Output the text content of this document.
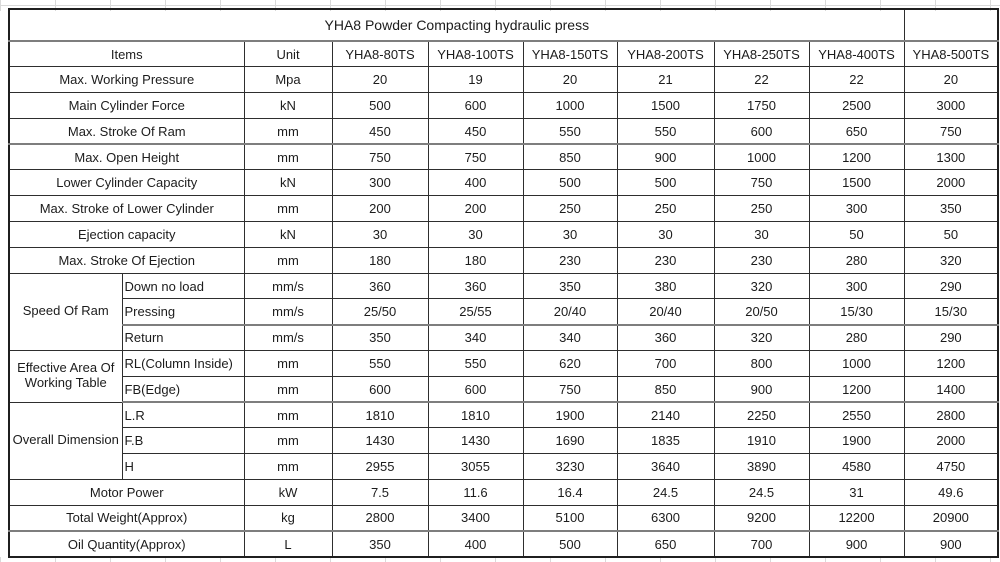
YHA8 Powder Compacting hydraulic press									
Items		Unit	YHA8-80TS	YHA8-100TS	YHA8-150TS	YHA8-200TS	YHA8-250TS	YHA8-400TS	YHA8-500TS
Max. Working Pressure		Mpa	20	19	20	21	22	22	20
Main Cylinder Force		kN	500	600	1000	1500	1750	2500	3000
Max. Stroke Of Ram		mm	450	450	550	550	600	650	750
Max. Open Height		mm	750	750	850	900	1000	1200	1300
Lower Cylinder Capacity		kN	300	400	500	500	750	1500	2000
Max. Stroke of Lower Cylinder		mm	200	200	250	250	250	300	350
Ejection capacity		kN	30	30	30	30	30	50	50
Max. Stroke Of Ejection		mm	180	180	230	230	230	280	320
Speed Of Ram	Down no load	mm/s	360	360	350	380	320	300	290
	Pressing	mm/s	25/50	25/55	20/40	20/40	20/50	15/30	15/30
	Return	mm/s	350	340	340	360	320	280	290
Effective Area Of Working Table	RL(Column Inside)	mm	550	550	620	700	800	1000	1200
	FB(Edge)	mm	600	600	750	850	900	1200	1400
Overall Dimension	L.R	mm	1810	1810	1900	2140	2250	2550	2800
	F.B	mm	1430	1430	1690	1835	1910	1900	2000
	H	mm	2955	3055	3230	3640	3890	4580	4750
Motor Power		kW	7.5	11.6	16.4	24.5	24.5	31	49.6
Total Weight(Approx)		kg	2800	3400	5100	6300	9200	12200	20900
Oil Quantity(Approx)		L	350	400	500	650	700	900	900
